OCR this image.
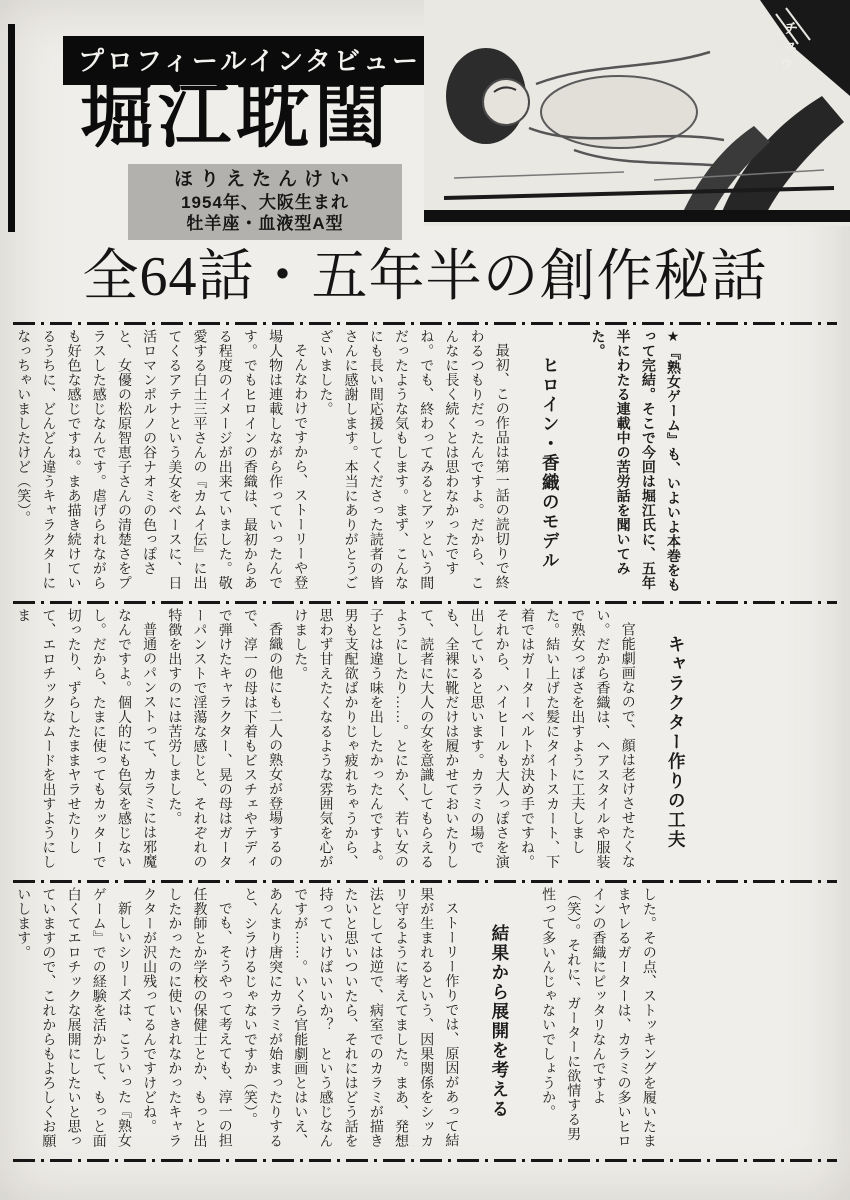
プロフィールインタビュー
堀江耽閨
ほりえたんけい
1954年、大阪生まれ
牡羊座・血液型A型
チュウ
全64話・五年半の創作秘話

★『熟女ゲーム』も、いよいよ本巻をもって完結。そこで今回は堀江氏に、五年半にわたる連載中の苦労話を聞いてみた。

ヒロイン・香織のモデル

最初、この作品は第一話の読切りで終わるつもりだったんですよ。だから、こんなに長く続くとは思わなかったですね。でも、終わってみるとアッという間だったような気もします。まず、こんなにも長い間応援してくださった読者の皆さんに感謝します。本当にありがとうございました。

そんなわけですから、ストーリーや登場人物は連載しながら作っていったんです。でもヒロインの香織は、最初からある程度のイメージが出来ていました。敬愛する白土三平さんの『カムイ伝』に出てくるアテナという美女をベースに、日活ロマンポルノの谷ナオミの色っぽさと、女優の松原智恵子さんの清楚さをプラスした感じなんです。虐げられながらも好色な感じですね。まあ描き続けているうちに、どんどん違うキャラクターになっちゃいましたけど（笑）。

キャラクター作りの工夫

官能劇画なので、顔は老けさせたくない。だから香織は、ヘアスタイルや服装で熟女っぽさを出すように工夫しました。結い上げた髪にタイトスカート、下着ではガーターベルトが決め手ですね。それから、ハイヒールも大人っぽさを演出していると思います。カラミの場でも、全裸に靴だけは履かせておいたりして、読者に大人の女を意識してもらえるようにしたり……。とにかく、若い女の子とは違う味を出したかったんですよ。男も支配欲ばかりじゃ疲れちゃうから、思わず甘えたくなるような雰囲気を心がけました。

香織の他にも二人の熟女が登場するので、淳一の母は下着もビスチェやテディで弾けたキャラクター、晃の母はガーターパンストで淫蕩な感じと、それぞれの特徴を出すのには苦労しました。

普通のパンストって、カラミには邪魔なんですよ。個人的にも色気を感じないし。だから、たまに使ってもカッターで切ったり、ずらしたままヤラせたりして、エロチックなムードを出すようにしま

した。その点、ストッキングを履いたままヤレるガーターは、カラミの多いヒロインの香織にピッタリなんですよ（笑）。それに、ガーターに欲情する男性って多いんじゃないでしょうか。

結果から展開を考える

ストーリー作りでは、原因があって結果が生まれるという、因果関係をシッカリ守るように考えてました。まあ、発想法としては逆で、病室でのカラミが描きたいと思いついたら、それにはどう話を持っていけばいいか？　という感じなんですが……。いくら官能劇画とはいえ、あんまり唐突にカラミが始まったりすると、シラけるじゃないですか（笑）。

でも、そうやって考えても、淳一の担任教師とか学校の保健士とか、もっと出したかったのに使いきれなかったキャラクターが沢山残ってるんですけどね。

新しいシリーズは、こういった『熟女ゲーム』での経験を活かして、もっと面白くてエロチックな展開にしたいと思っていますので、これからもよろしくお願いします。
